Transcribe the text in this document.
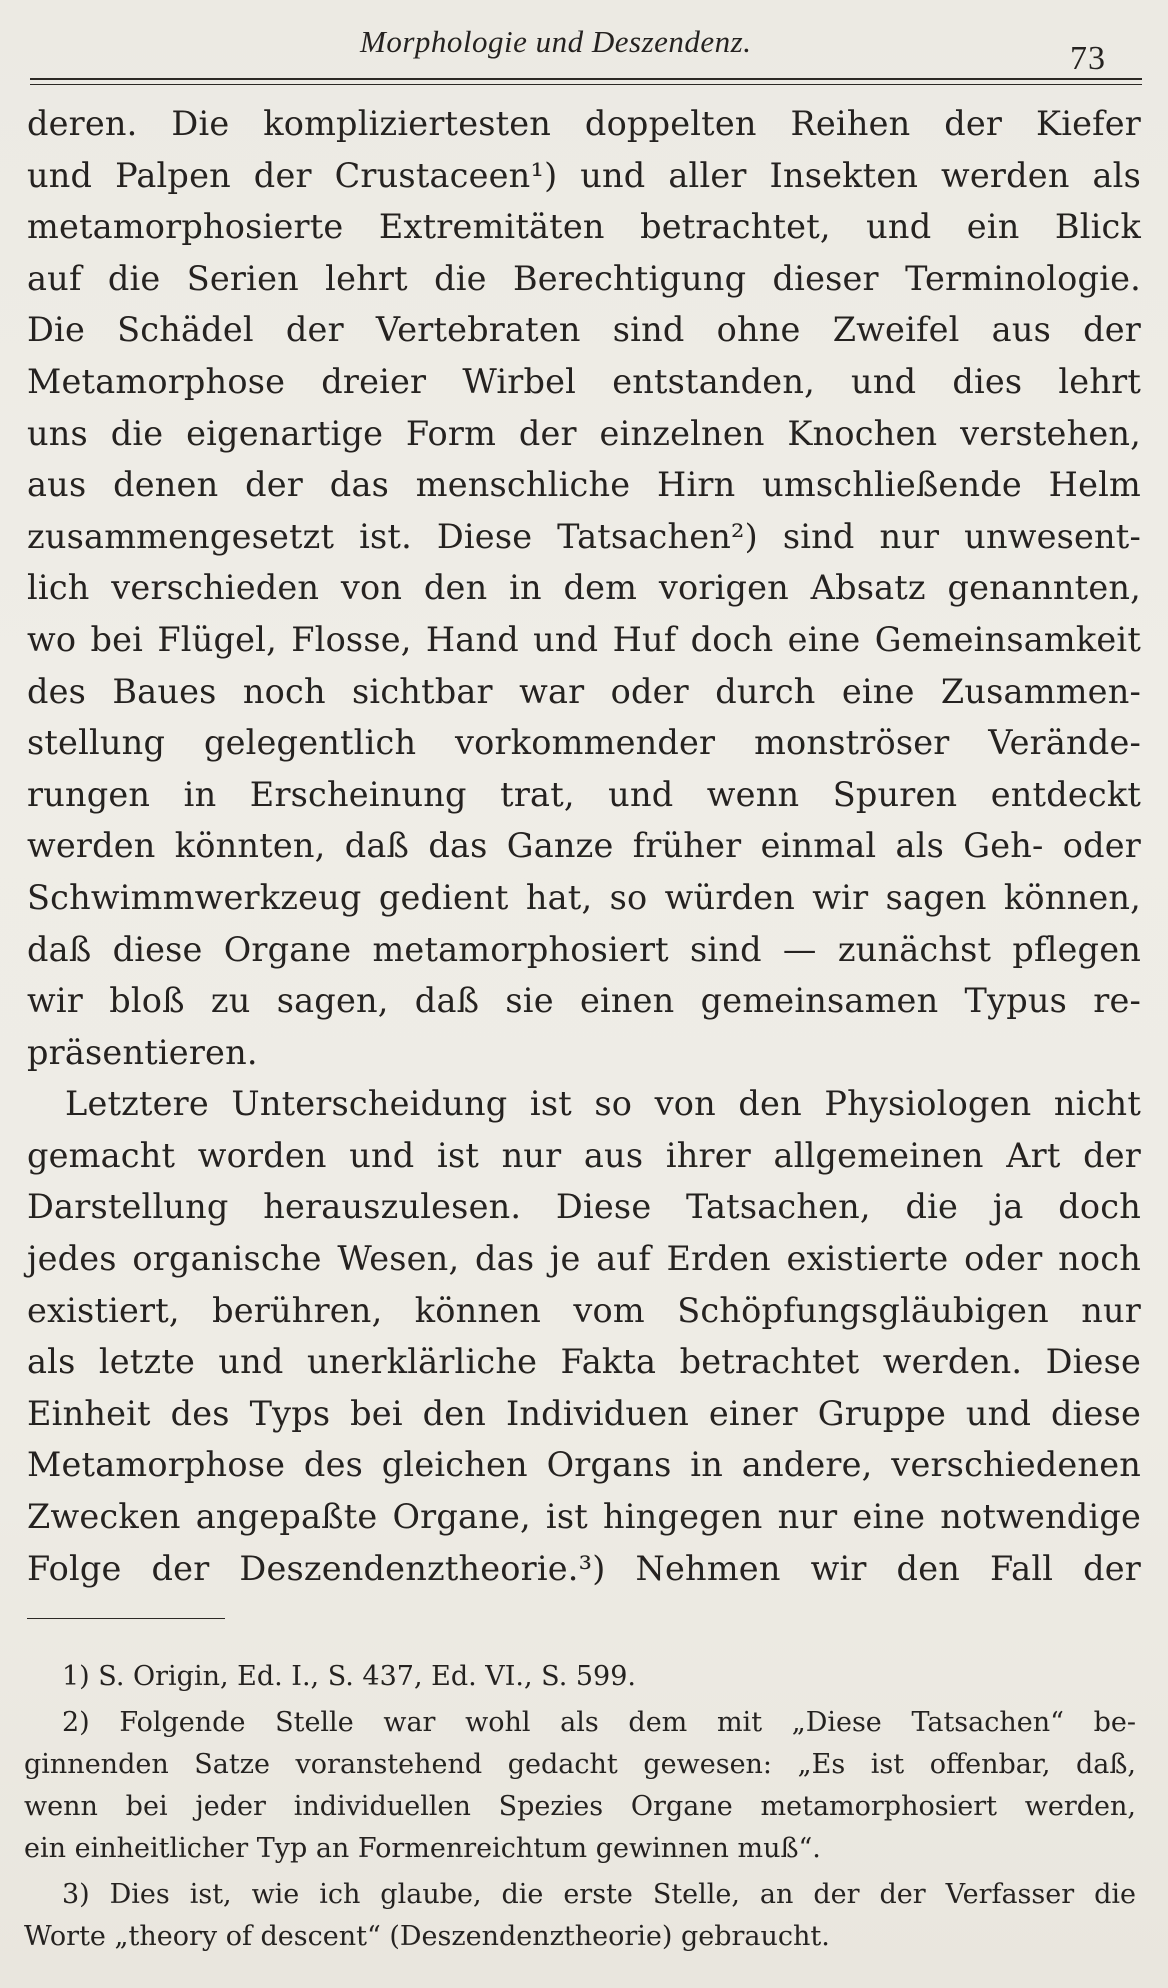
Morphologie und Deszendenz.	73
deren. Die kompliziertesten doppelten Reihen der Kiefer
und Palpen der Crustaceen¹) und aller Insekten werden als
metamorphosierte Extremitäten betrachtet, und ein Blick
auf die Serien lehrt die Berechtigung dieser Terminologie.
Die Schädel der Vertebraten sind ohne Zweifel aus der
Metamorphose dreier Wirbel entstanden, und dies lehrt
uns die eigenartige Form der einzelnen Knochen verstehen,
aus denen der das menschliche Hirn umschließende Helm
zusammengesetzt ist. Diese Tatsachen²) sind nur unwesent-
lich verschieden von den in dem vorigen Absatz genannten,
wo bei Flügel, Flosse, Hand und Huf doch eine Gemeinsamkeit
des Baues noch sichtbar war oder durch eine Zusammen-
stellung gelegentlich vorkommender monströser Verände-
rungen in Erscheinung trat, und wenn Spuren entdeckt
werden könnten, daß das Ganze früher einmal als Geh- oder
Schwimmwerkzeug gedient hat, so würden wir sagen können,
daß diese Organe metamorphosiert sind — zunächst pflegen
wir bloß zu sagen, daß sie einen gemeinsamen Typus re-
präsentieren.
Letztere Unterscheidung ist so von den Physiologen nicht
gemacht worden und ist nur aus ihrer allgemeinen Art der
Darstellung herauszulesen. Diese Tatsachen, die ja doch
jedes organische Wesen, das je auf Erden existierte oder noch
existiert, berühren, können vom Schöpfungsgläubigen nur
als letzte und unerklärliche Fakta betrachtet werden. Diese
Einheit des Typs bei den Individuen einer Gruppe und diese
Metamorphose des gleichen Organs in andere, verschiedenen
Zwecken angepaßte Organe, ist hingegen nur eine notwendige
Folge der Deszendenztheorie.³) Nehmen wir den Fall der
1) S. Origin, Ed. I., S. 437, Ed. VI., S. 599.
2) Folgende Stelle war wohl als dem mit „Diese Tatsachen“ be-
ginnenden Satze voranstehend gedacht gewesen: „Es ist offenbar, daß,
wenn bei jeder individuellen Spezies Organe metamorphosiert werden,
ein einheitlicher Typ an Formenreichtum gewinnen muß“.
3) Dies ist, wie ich glaube, die erste Stelle, an der der Verfasser die
Worte „theory of descent“ (Deszendenztheorie) gebraucht.
